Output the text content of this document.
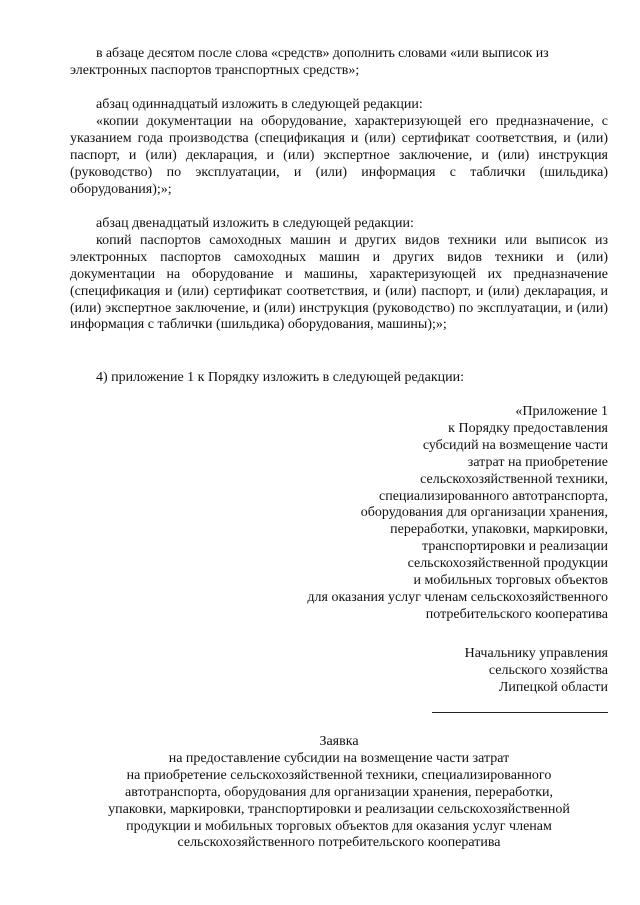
в абзаце десятом после слова «средств» дополнить словами «или выписок из

электронных паспортов транспортных средств»;

абзац одиннадцатый изложить в следующей редакции:

«копии документации на оборудование, характеризующей его предназначение, с указанием года производства (спецификация и (или) сертификат соответствия, и (или) паспорт, и (или) декларация, и (или) экспертное заключение, и (или) инструкция (руководство) по эксплуатации, и (или) информация с таблички (шильдика) оборудования);»;

абзац двенадцатый изложить в следующей редакции:

копий паспортов самоходных машин и других видов техники или выписок из электронных паспортов самоходных машин и других видов техники и (или) документации на оборудование и машины, характеризующей их предназначение (спецификация и (или) сертификат соответствия, и (или) паспорт, и (или) декларация, и (или) экспертное заключение, и (или) инструкция (руководство) по эксплуатации, и (или) информация с таблички (шильдика) оборудования, машины);»;

4) приложение 1 к Порядку изложить в следующей редакции:

«Приложение 1
к Порядку предоставления
субсидий на возмещение части
затрат на приобретение
сельскохозяйственной техники,
специализированного автотранспорта,
оборудования для организации хранения,
переработки, упаковки, маркировки,
транспортировки и реализации
сельскохозяйственной продукции
и мобильных торговых объектов
для оказания услуг членам сельскохозяйственного
потребительского кооператива
Начальнику управления
сельского хозяйства
Липецкой области
Заявка
на предоставление субсидии на возмещение части затрат
на приобретение сельскохозяйственной техники, специализированного
автотранспорта, оборудования для организации хранения, переработки,
упаковки, маркировки, транспортировки и реализации сельскохозяйственной
продукции и мобильных торговых объектов для оказания услуг членам
сельскохозяйственного потребительского кооператива
